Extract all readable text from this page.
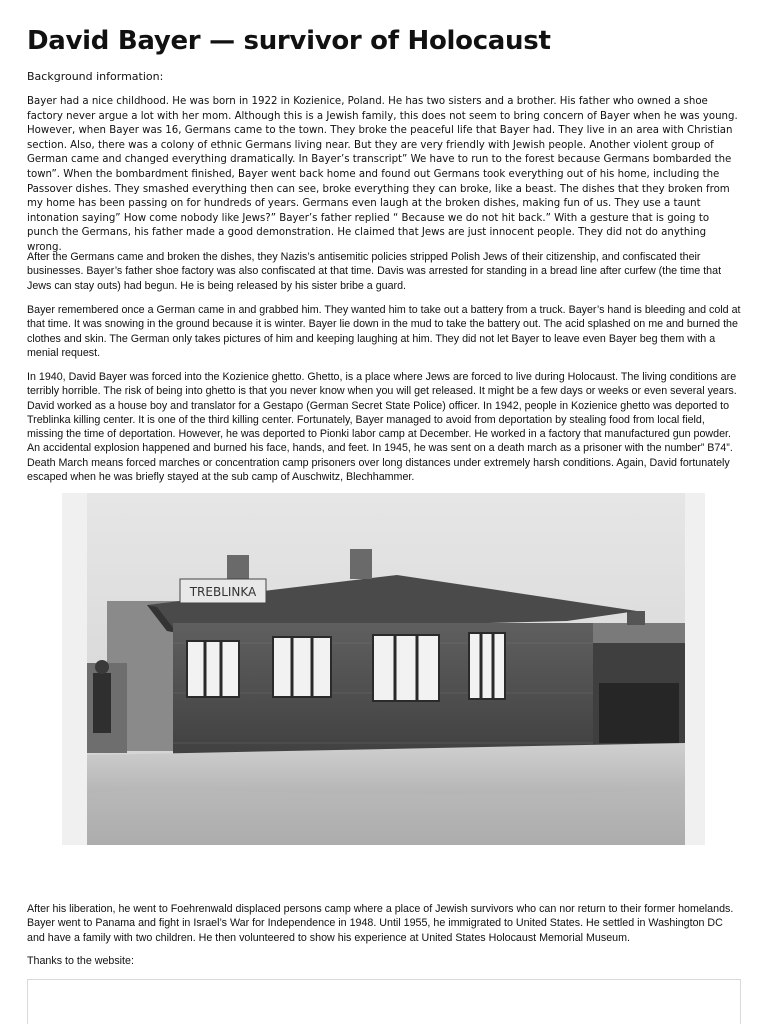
David Bayer — survivor of Holocaust
Background information:

Bayer had a nice childhood. He was born in 1922 in Kozienice, Poland. He has two sisters and a brother. His father who owned a shoe factory never argue a lot with her mom. Although this is a Jewish family, this does not seem to bring concern of Bayer when he was young. However, when Bayer was 16, Germans came to the town. They broke the peaceful life that Bayer had. They live in an area with Christian section. Also, there was a colony of ethnic Germans living near. But they are very friendly with Jewish people. Another violent group of German came and changed everything dramatically. In Bayer’s transcript” We have to run to the forest because Germans bombarded the town”. When the bombardment finished, Bayer went back home and found out Germans took everything out of his home, including the Passover dishes. They smashed everything then can see, broke everything they can broke, like a beast. The dishes that they broken from my home has been passing on for hundreds of years. Germans even laugh at the broken dishes, making fun of us. They use a taunt intonation saying” How come nobody like Jews?” Bayer’s father replied “ Because we do not hit back.” With a gesture that is going to punch the Germans, his father made a good demonstration. He claimed that Jews are just innocent people. They did not do anything wrong.

After the Germans came and broken the dishes, they Nazis’s antisemitic policies stripped Polish Jews of their citizenship, and confiscated their businesses. Bayer’s father shoe factory was also confiscated at that time. Davis was arrested for standing in a bread line after curfew (the time that Jews can stay outs) had begun. He is being released by his sister bribe a guard.

Bayer remembered once a German came in and grabbed him. They wanted him to take out a battery from a truck. Bayer’s hand is bleeding and cold at that time. It was snowing in the ground because it is winter. Bayer lie down in the mud to take the battery out. The acid splashed on me and burned the clothes and skin. The German only takes pictures of him and keeping laughing at him. They did not let Bayer to leave even Bayer beg them with a menial request.

In 1940, David Bayer was forced into the Kozienice ghetto. Ghetto, is a place where Jews are forced to live during Holocaust. The living conditions are terribly horrible. The risk of being into ghetto is that you never know when you will get released. It might be a few days or weeks or even several years. David worked as a house boy and translator for a Gestapo (German Secret State Police) officer. In 1942, people in Kozienice ghetto was deported to Treblinka killing center. It is one of the third killing center. Fortunately, Bayer managed to avoid from deportation by stealing food from local field, missing the time of deportation. However, he was deported to Pionki labor camp at December. He worked in a factory that manufactured gun powder. An accidental explosion happened and burned his face, hands, and feet. In 1945, he was sent on a death march as a prisoner with the number” B74”. Death March means forced marches or concentration camp prisoners over long distances under extremely harsh conditions. Again, David fortunately escaped when he was briefly stayed at the sub camp of Auschwitz, Blechhammer.

TREBLINKA

After his liberation, he went to Foehrenwald displaced persons camp where a place of Jewish survivors who can nor return to their former homelands. Bayer went to Panama and fight in Israel’s War for Independence in 1948. Until 1955, he immigrated to United States. He settled in Washington DC and have a family with two children. He then volunteered to show his experience at United States Holocaust Memorial Museum.

Thanks to the website:
